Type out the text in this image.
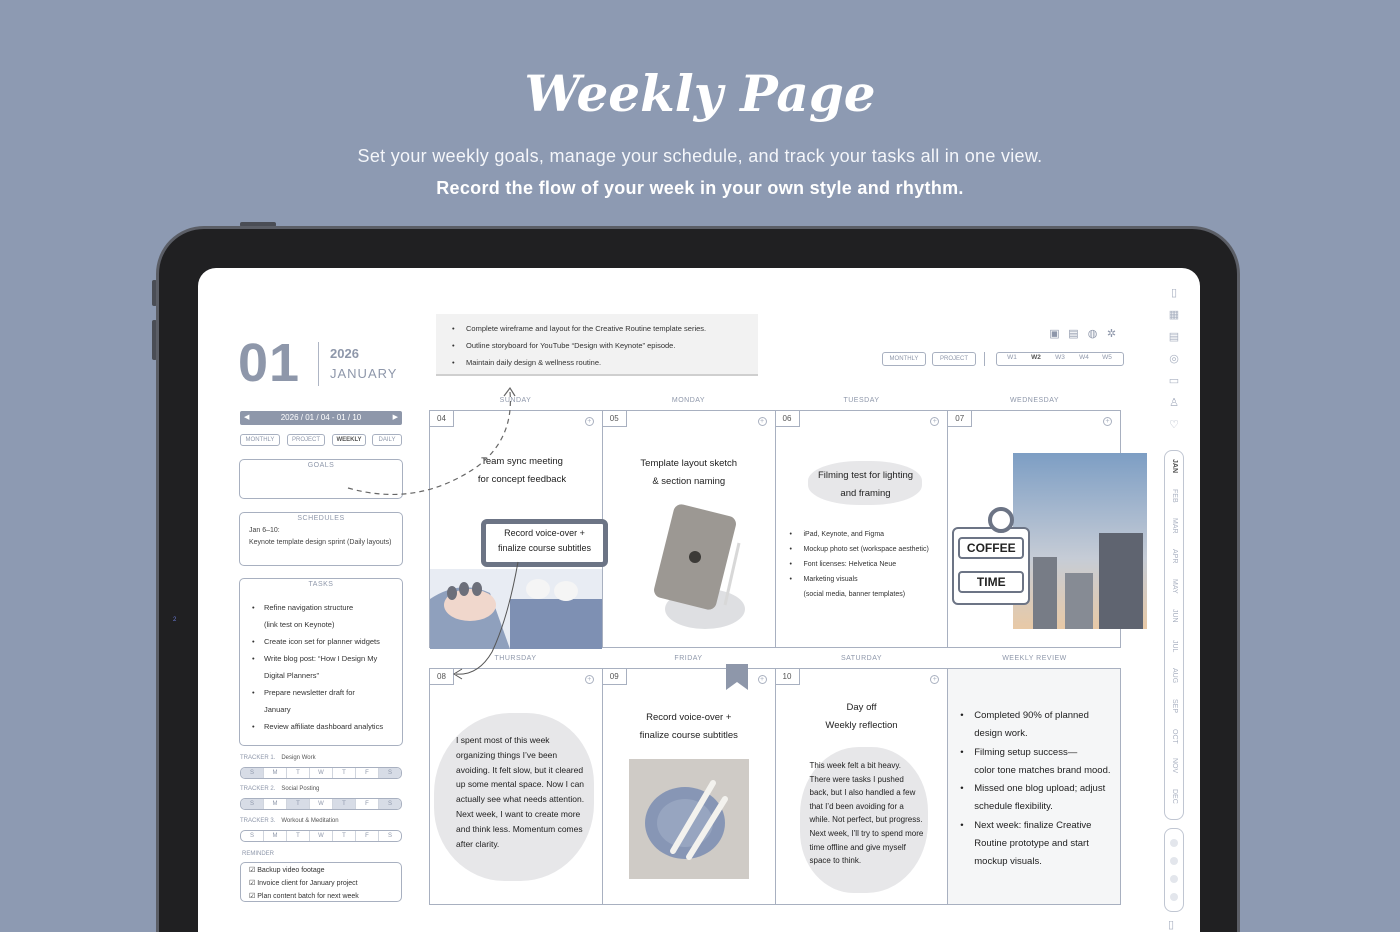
Weekly Page
Set your weekly goals, manage your schedule, and track your tasks all in one view.
Record the flow of your week in your own style and rhythm.
2
01 2026
JANUARY
◀	2026 / 01 / 04 - 01 / 10	▶
MONTHLY	PROJECT	WEEKLY	DAILY
GOALS
SCHEDULES
Jan 6–10:
Keynote template design sprint (Daily layouts)
TASKS
• Refine navigation structure
(link test on Keynote)
• Create icon set for planner widgets
• Write blog post: “How I Design My
Digital Planners”
• Prepare newsletter draft for
January
• Review affiliate dashboard analytics
TRACKER 1. Design Work
S	M	T	W	T	F	S
TRACKER 2. Social Posting
S	M	T	W	T	F	S
TRACKER 3. Workout & Meditation
S	M	T	W	T	F	S
REMINDER
☑ Backup video footage
☑ Invoice client for January project
☑ Plan content batch for next week
• Complete wireframe and layout for the Creative Routine template series.
• Outline storyboard for YouTube “Design with Keynote” episode.
• Maintain daily design & wellness routine.
▣ ▤ ◍ ✲
MONTHLY	PROJECT	W1	W2	W3	W4	W5
SUNDAY	MONDAY	TUESDAY	WEDNESDAY
04	+
Team sync meeting
for concept feedback
05	+
Template layout sketch
& section naming
06	+
Filming test for lighting
and framing
• iPad, Keynote, and Figma
• Mockup photo set (workspace aesthetic)
• Font licenses: Helvetica Neue
• Marketing visuals
(social media, banner templates)
07	+
COFFEE
TIME
Record voice-over +
finalize course subtitles
THURSDAY	FRIDAY	SATURDAY	WEEKLY REVIEW
08	+
I spent most of this week organizing things I’ve been avoiding. It felt slow, but it cleared up some mental space. Now I can actually see what needs attention. Next week, I want to create more and think less. Momentum comes after clarity.
09	+
Record voice-over +
finalize course subtitles
10	+
Day off
Weekly reflection
This week felt a bit heavy. There were tasks I pushed back, but I also handled a few that I’d been avoiding for a while. Not perfect, but progress. Next week, I’ll try to spend more time offline and give myself space to think.
• Completed 90% of planned
design work.
• Filming setup success—
color tone matches brand mood.
• Missed one blog upload; adjust
schedule flexibility.
• Next week: finalize Creative
Routine prototype and start
mockup visuals.
▯
▦
▤
◎
▭
♙
♡
JAN
FEB
MAR
APR
MAY
JUN
JUL
AUG
SEP
OCT
NOV
DEC
▯
